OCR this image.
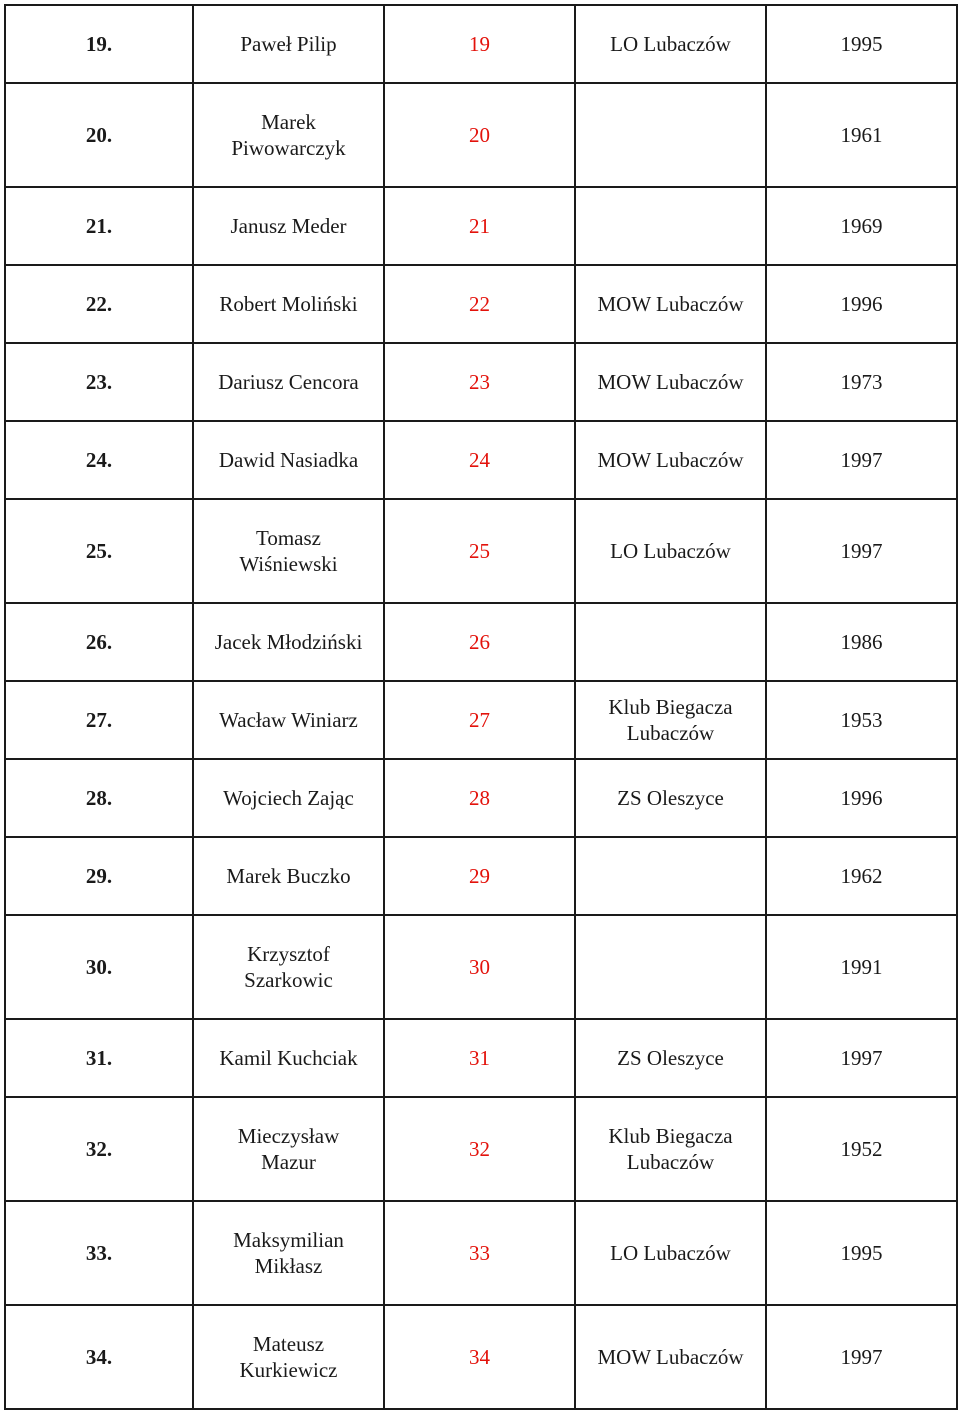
19.	Paweł Pilip	19	LO Lubaczów	1995
20.	Marek Piwowarczyk	20		1961
21.	Janusz Meder	21		1969
22.	Robert Moliński	22	MOW Lubaczów	1996
23.	Dariusz Cencora	23	MOW Lubaczów	1973
24.	Dawid Nasiadka	24	MOW Lubaczów	1997
25.	Tomasz Wiśniewski	25	LO Lubaczów	1997
26.	Jacek Młodziński	26		1986
27.	Wacław Winiarz	27	Klub Biegacza Lubaczów	1953
28.	Wojciech Zając	28	ZS Oleszyce	1996
29.	Marek Buczko	29		1962
30.	Krzysztof Szarkowic	30		1991
31.	Kamil Kuchciak	31	ZS Oleszyce	1997
32.	Mieczysław Mazur	32	Klub Biegacza Lubaczów	1952
33.	Maksymilian Mikłasz	33	LO Lubaczów	1995
34.	Mateusz Kurkiewicz	34	MOW Lubaczów	1997
